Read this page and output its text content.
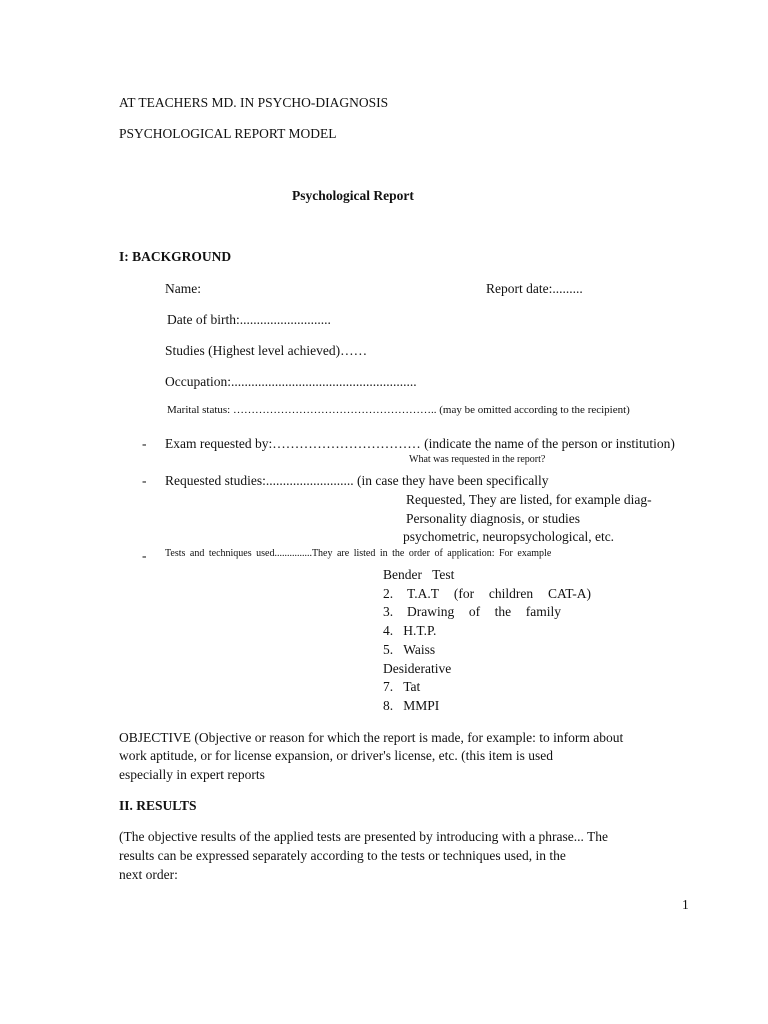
AT TEACHERS MD. IN PSYCHO-DIAGNOSIS
PSYCHOLOGICAL REPORT MODEL
Psychological Report
I: BACKGROUND
Name:	Report date:.........
Date of birth:...........................
Studies (Highest level achieved)……
Occupation:.......................................................
Marital status: ……………………………………………….. (may be omitted according to the recipient)
- Exam requested by:…………………………… (indicate the name of the person or institution)
What was requested in the report?
- Requested studies:.......................... (in case they have been specifically
Requested, They are listed, for example diag-
Personality diagnosis, or studies
psychometric, neuropsychological, etc.
- Tests and techniques used...............They are listed in the order of application: For example
Bender Test
2. T.A.T (for children CAT-A)
3. Drawing of the family
4. H.T.P.
5. Waiss
Desiderative
7. Tat
8. MMPI
OBJECTIVE (Objective or reason for which the report is made, for example: to inform about
work aptitude, or for license expansion, or driver's license, etc. (this item is used
especially in expert reports
II. RESULTS
(The objective results of the applied tests are presented by introducing with a phrase... The
results can be expressed separately according to the tests or techniques used, in the
next order:
1
